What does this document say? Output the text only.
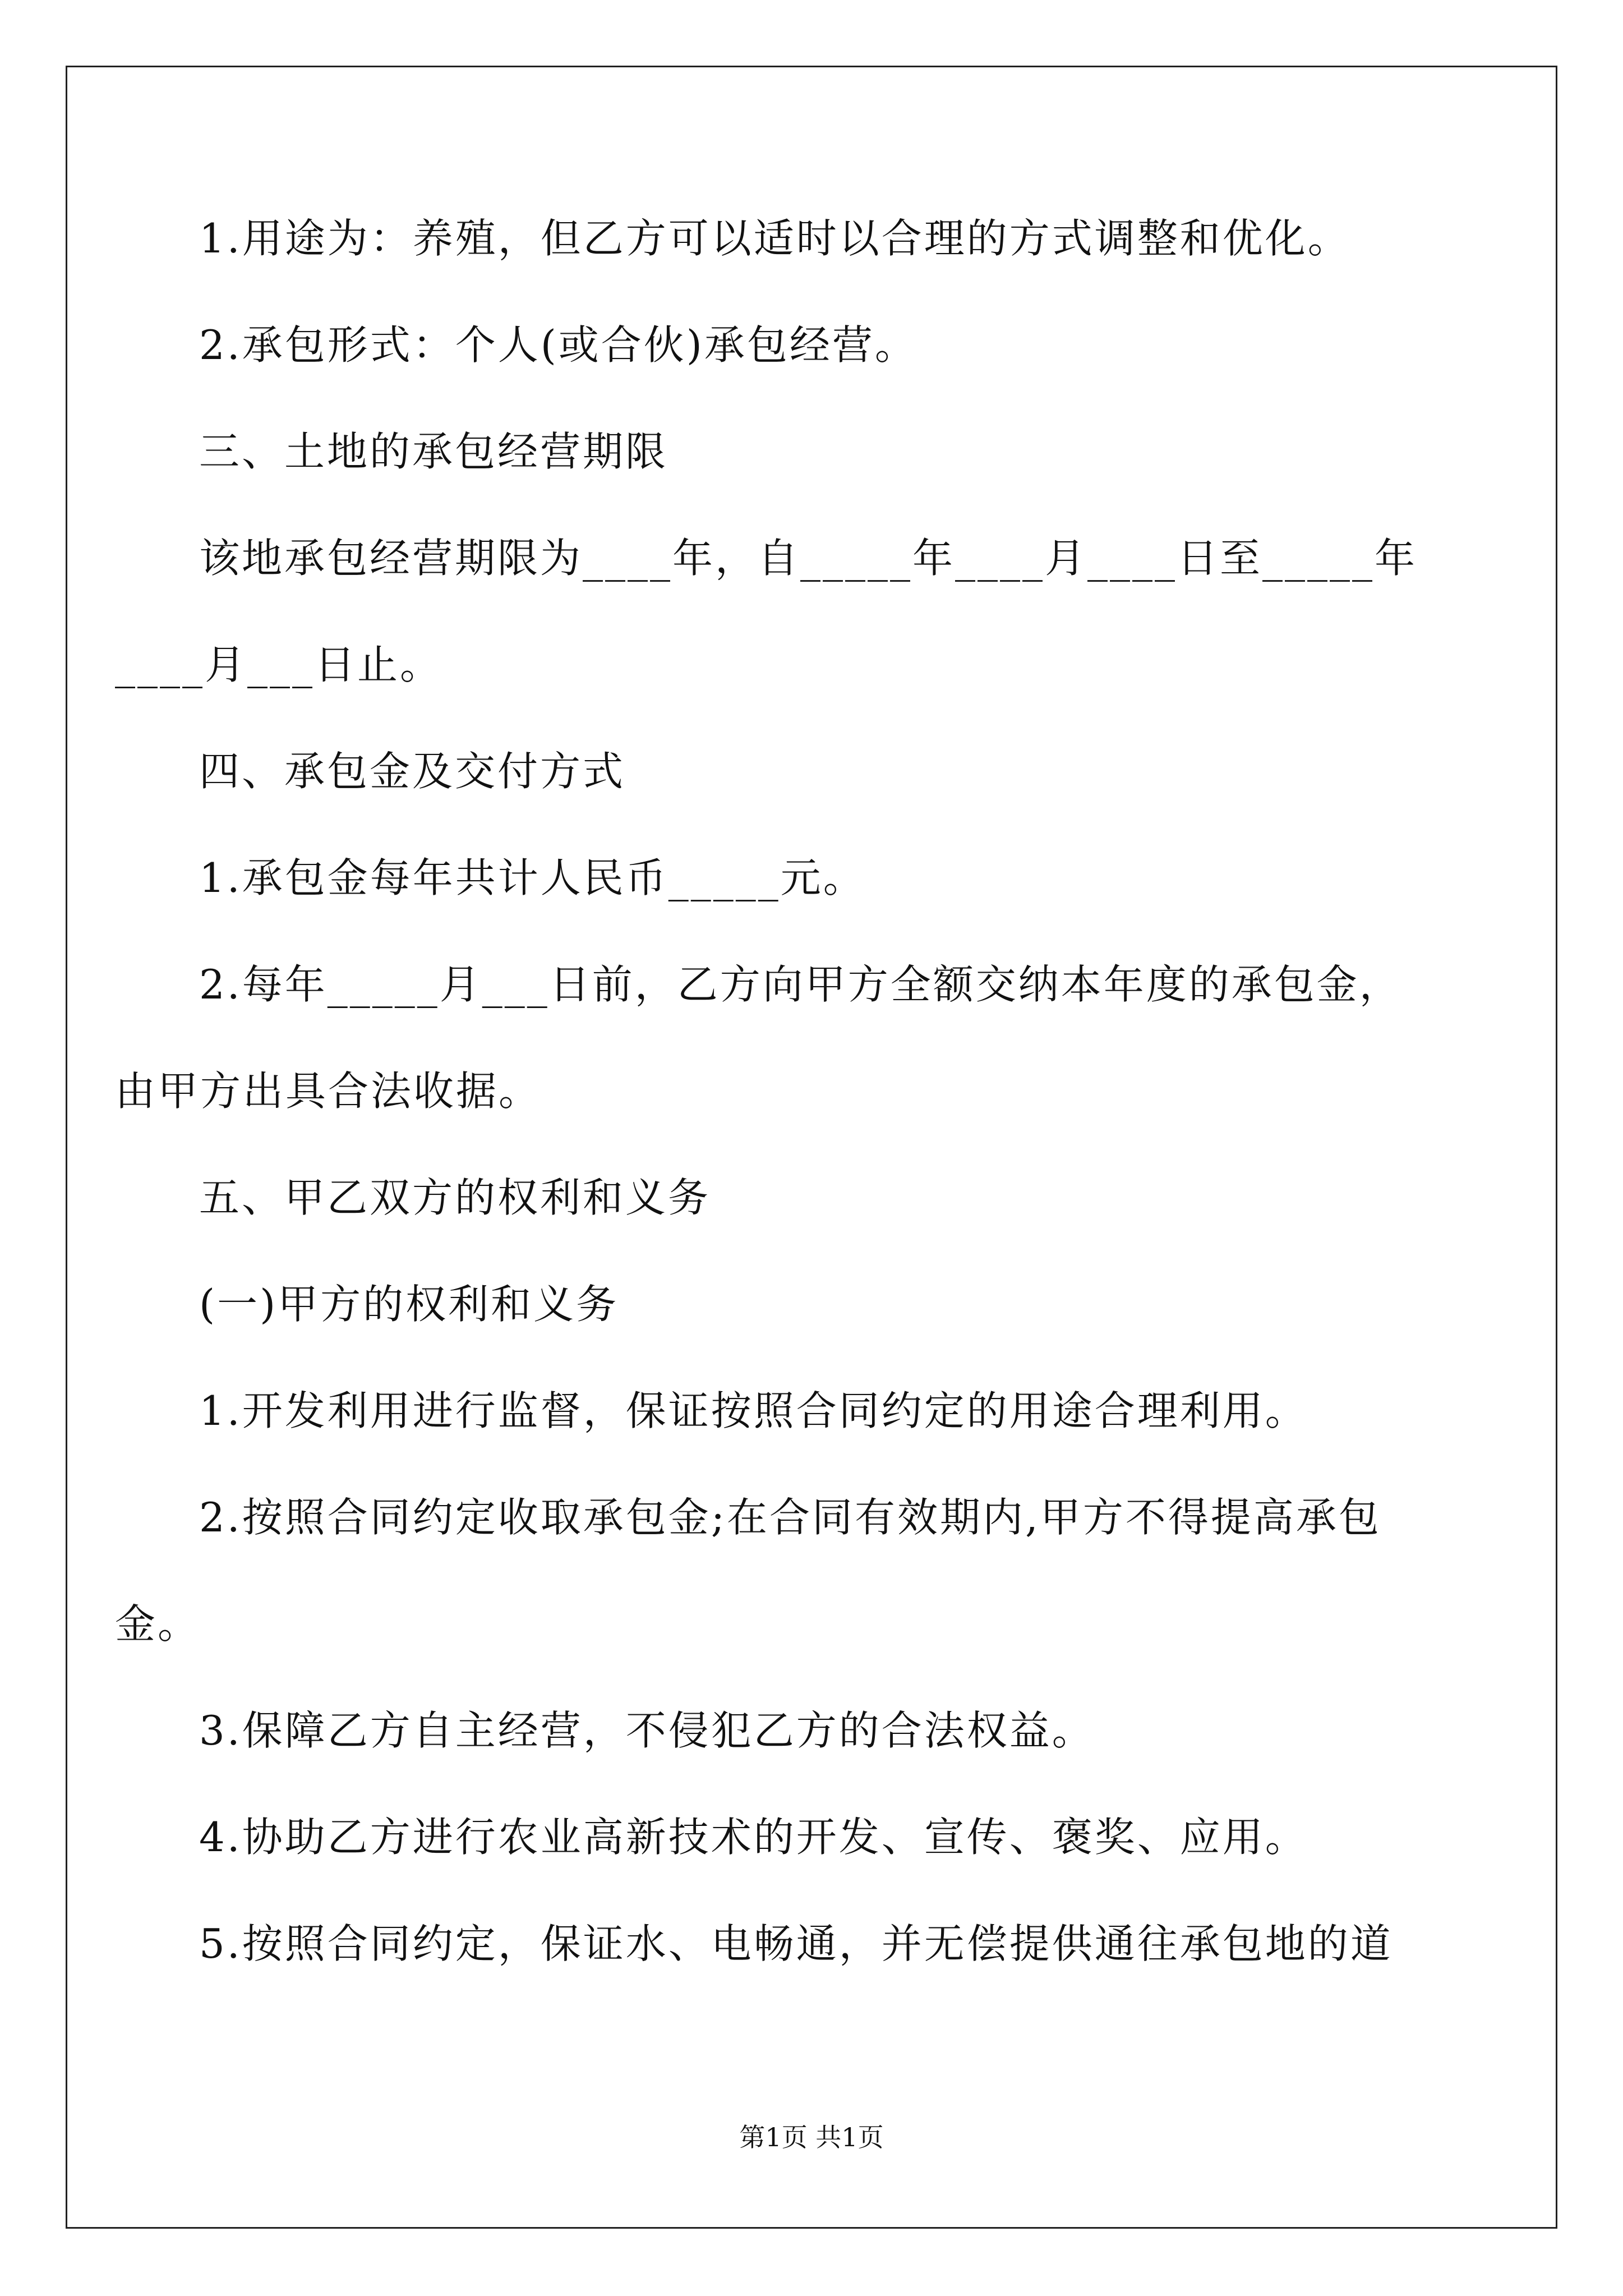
1.用途为：养殖，但乙方可以适时以合理的方式调整和优化。
2.承包形式：个人(或合伙)承包经营。
三、土地的承包经营期限
该地承包经营期限为____年，自_____年____月____日至_____年
____月___日止。
四、承包金及交付方式
1.承包金每年共计人民币_____元。
2.每年_____月___日前，乙方向甲方全额交纳本年度的承包金，
由甲方出具合法收据。
五、甲乙双方的权利和义务
(一)甲方的权利和义务
1.开发利用进行监督，保证按照合同约定的用途合理利用。
2.按照合同约定收取承包金;在合同有效期内,甲方不得提高承包
金。
3.保障乙方自主经营，不侵犯乙方的合法权益。
4.协助乙方进行农业高新技术的开发、宣传、褒奖、应用。
5.按照合同约定，保证水、电畅通，并无偿提供通往承包地的道
第1页 共1页
